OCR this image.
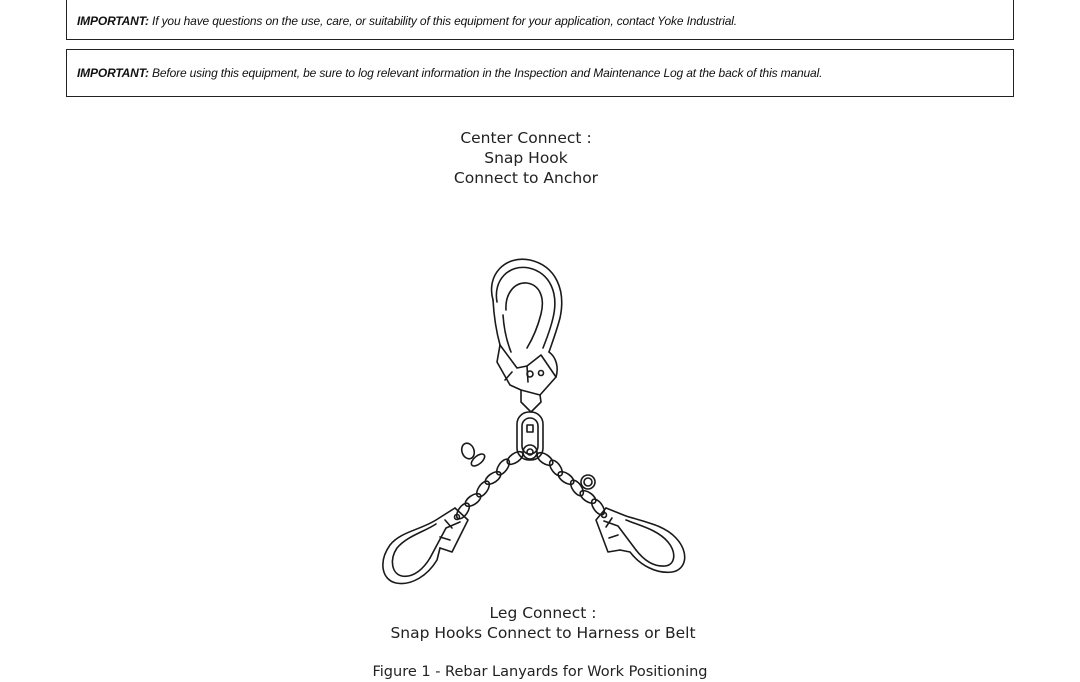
IMPORTANT: If you have questions on the use, care, or suitability of this equipment for your application, contact Yoke Industrial.
IMPORTANT: Before using this equipment, be sure to log relevant information in the Inspection and Maintenance Log at the back of this manual.
Center Connect :
Snap Hook
Connect to Anchor
Leg Connect :
Snap Hooks Connect to Harness or Belt
Figure 1 - Rebar Lanyards for Work Positioning
